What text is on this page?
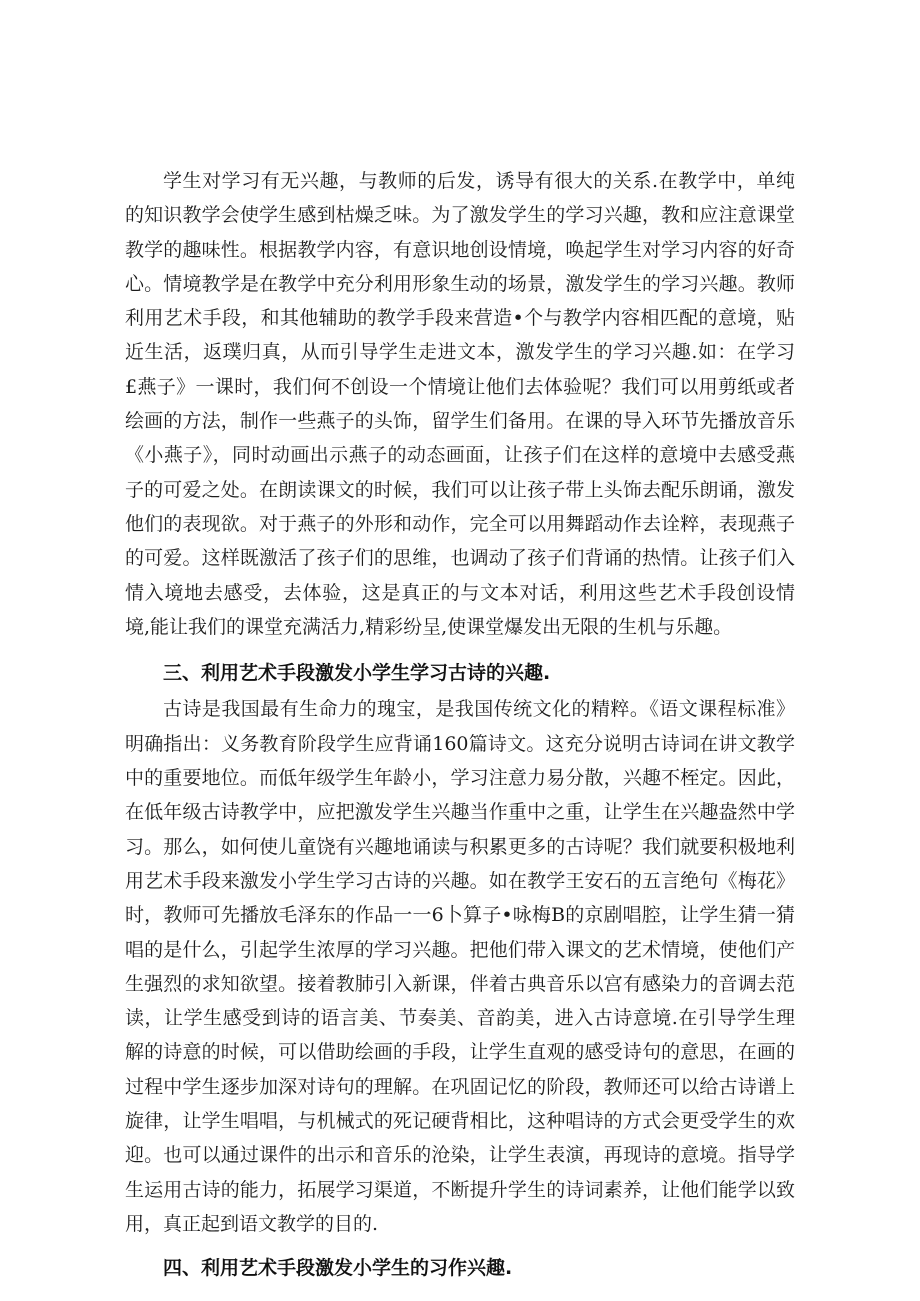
学生对学习有无兴趣，与教师的后发，诱导有很大的关系.在教学中，单纯的知识教学会使学生感到枯燥乏味。为了激发学生的学习兴趣，教和应注意课堂教学的趣味性。根据教学内容，有意识地创设情境，唤起学生对学习内容的好奇心。情境教学是在教学中充分利用形象生动的场景，激发学生的学习兴趣。教师利用艺术手段，和其他辅助的教学手段来营造•个与教学内容相匹配的意境，贴近生活，返璞归真，从而引导学生走进文本，激发学生的学习兴趣.如：在学习£燕子》一课时，我们何不创设一个情境让他们去体验呢？我们可以用剪纸或者绘画的方法，制作一些燕子的头饰，留学生们备用。在课的导入环节先播放音乐《小燕子》，同时动画出示燕子的动态画面，让孩子们在这样的意境中去感受燕子的可爱之处。在朗读课文的时候，我们可以让孩子带上头饰去配乐朗诵，激发他们的表现欲。对于燕子的外形和动作，完全可以用舞蹈动作去诠粹，表现燕子的可爱。这样既激活了孩子们的思维，也调动了孩子们背诵的热情。让孩子们入情入境地去感受，去体验，这是真正的与文本对话，利用这些艺术手段创设情境,能让我们的课堂充满活力,精彩纷呈,使课堂爆发出无限的生机与乐趣。

三、利用艺术手段激发小学生学习古诗的兴趣.

古诗是我国最有生命力的瑰宝，是我国传统文化的精粹。《语文课程标准》明确指出：义务教育阶段学生应背诵160篇诗文。这充分说明古诗词在讲文教学中的重要地位。而低年级学生年龄小，学习注意力易分散，兴趣不桎定。因此，在低年级古诗教学中，应把激发学生兴趣当作重中之重，让学生在兴趣盎然中学习。那么，如何使儿童饶有兴趣地诵读与积累更多的古诗呢？我们就要积极地利用艺术手段来激发小学生学习古诗的兴趣。如在教学王安石的五言绝句《梅花》时，教师可先播放毛泽东的作品一一6卜算子•咏梅B的京剧唱腔，让学生猜一猜唱的是什么，引起学生浓厚的学习兴趣。把他们带入课文的艺术情境，使他们产生强烈的求知欲望。接着教肺引入新课，伴着古典音乐以宫有感染力的音调去范读，让学生感受到诗的语言美、节奏美、音韵美，进入古诗意境.在引导学生理解的诗意的时候，可以借助绘画的手段，让学生直观的感受诗句的意思，在画的过程中学生逐步加深对诗句的理解。在巩固记忆的阶段，教师还可以给古诗谱上旋律，让学生唱唱，与机械式的死记硬背相比，这种唱诗的方式会更受学生的欢迎。也可以通过课件的出示和音乐的沧染，让学生表演，再现诗的意境。指导学生运用古诗的能力，拓展学习渠道，不断提升学生的诗词素养，让他们能学以致用，真正起到语文教学的目的.

四、利用艺术手段激发小学生的习作兴趣.
